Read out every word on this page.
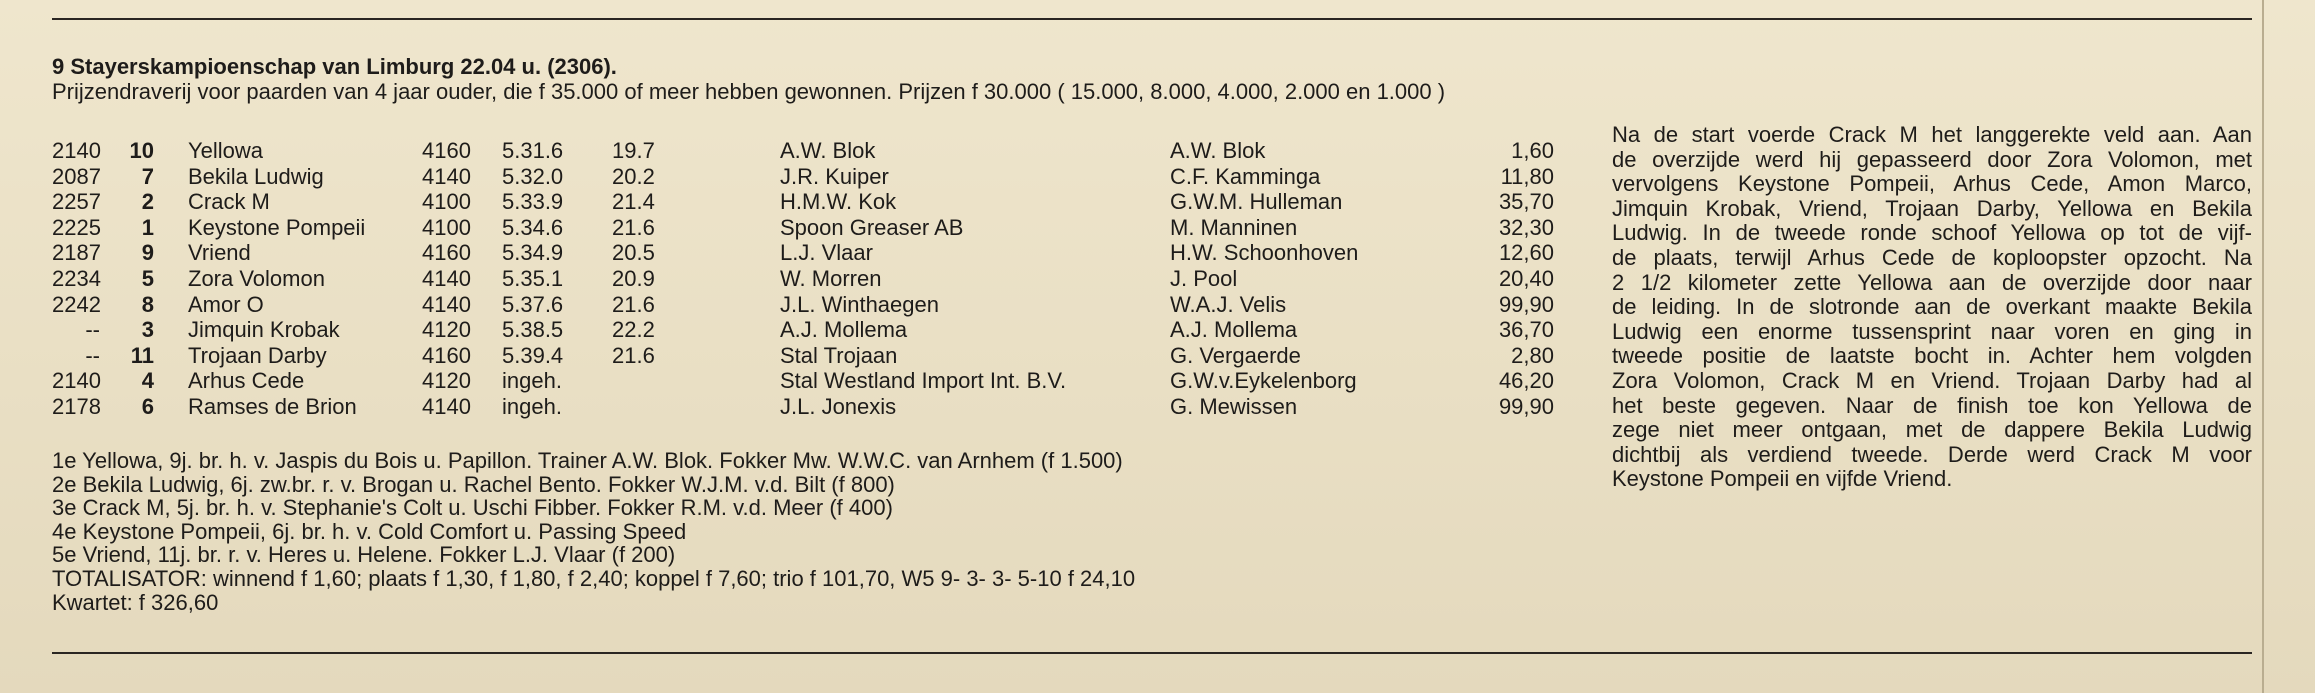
9 Stayerskampioenschap van Limburg 22.04 u. (2306).
Prijzendraverij voor paarden van 4 jaar ouder, die f 35.000 of meer hebben gewonnen. Prijzen f 30.000 ( 15.000, 8.000, 4.000, 2.000 en 1.000 )
2140	10 Yellowa	4160 5.31.6 19.7	A.W. Blok	A.W. Blok	1,60
2087	7 Bekila Ludwig	4140 5.32.0 20.2	J.R. Kuiper	C.F. Kamminga	11,80
2257	2 Crack M	4100 5.33.9 21.4	H.M.W. Kok	G.W.M. Hulleman	35,70
2225	1 Keystone Pompeii	4100 5.34.6 21.6	Spoon Greaser AB	M. Manninen	32,30
2187	9 Vriend	4160 5.34.9 20.5	L.J. Vlaar	H.W. Schoonhoven	12,60
2234	5 Zora Volomon	4140 5.35.1 20.9	W. Morren	J. Pool	20,40
2242	8 Amor O	4140 5.37.6 21.6	J.L. Winthaegen	W.A.J. Velis	99,90
--	3 Jimquin Krobak	4120 5.38.5 22.2	A.J. Mollema	A.J. Mollema	36,70
--	11 Trojaan Darby	4160 5.39.4 21.6	Stal Trojaan	G. Vergaerde	2,80
2140	4 Arhus Cede	4120 ingeh.	Stal Westland Import Int. B.V.	G.W.v.Eykelenborg	46,20
2178	6 Ramses de Brion	4140 ingeh.	J.L. Jonexis	G. Mewissen	99,90
1e Yellowa, 9j. br. h. v. Jaspis du Bois u. Papillon. Trainer A.W. Blok. Fokker Mw. W.W.C. van Arnhem (f 1.500)
2e Bekila Ludwig, 6j. zw.br. r. v. Brogan u. Rachel Bento. Fokker W.J.M. v.d. Bilt (f 800)
3e Crack M, 5j. br. h. v. Stephanie's Colt u. Uschi Fibber. Fokker R.M. v.d. Meer (f 400)
4e Keystone Pompeii, 6j. br. h. v. Cold Comfort u. Passing Speed
5e Vriend, 11j. br. r. v. Heres u. Helene. Fokker L.J. Vlaar (f 200)
TOTALISATOR: winnend f 1,60; plaats f 1,30, f 1,80, f 2,40; koppel f 7,60; trio f 101,70, W5 9- 3- 3- 5-10 f 24,10
Kwartet: f 326,60
Na de start voerde Crack M het langgerekte veld aan. Aan
de overzijde werd hij gepasseerd door Zora Volomon, met
vervolgens Keystone Pompeii, Arhus Cede, Amon Marco,
Jimquin Krobak, Vriend, Trojaan Darby, Yellowa en Bekila
Ludwig. In de tweede ronde schoof Yellowa op tot de vijf-
de plaats, terwijl Arhus Cede de koploopster opzocht. Na
2 1/2 kilometer zette Yellowa aan de overzijde door naar
de leiding. In de slotronde aan de overkant maakte Bekila
Ludwig een enorme tussensprint naar voren en ging in
tweede positie de laatste bocht in. Achter hem volgden
Zora Volomon, Crack M en Vriend. Trojaan Darby had al
het beste gegeven. Naar de finish toe kon Yellowa de
zege niet meer ontgaan, met de dappere Bekila Ludwig
dichtbij als verdiend tweede. Derde werd Crack M voor
Keystone Pompeii en vijfde Vriend.
